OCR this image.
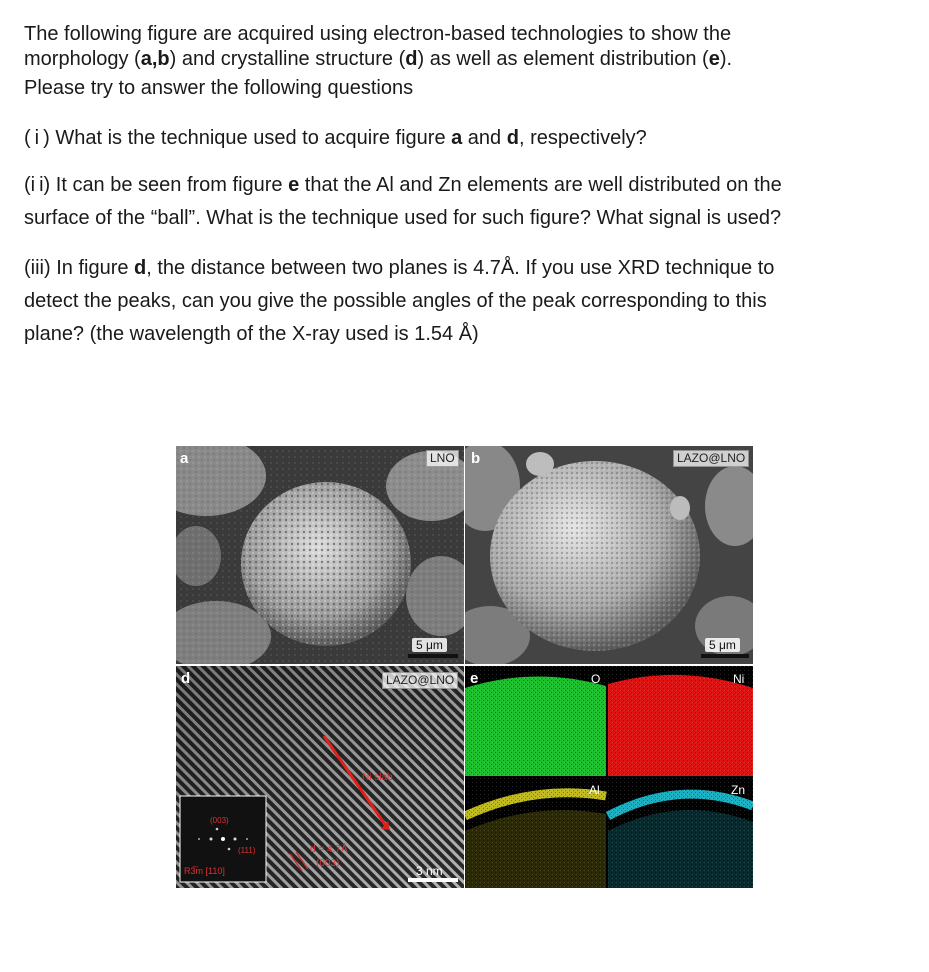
The following figure are acquired using electron-based technologies to show the

morphology (a,b) and crystalline structure (d) as well as element distribution (e).

Please try to answer the following questions

( i ) What is the technique used to acquire figure a and d, respectively?

(i i) It can be seen from figure e that the Al and Zn elements are well distributed on the

surface of the “ball”. What is the technique used for such figure? What signal is used?

(iii) In figure d, the distance between two planes is 4.7Å. If you use XRD technique to

detect the peaks, can you give the possible angles of the peak corresponding to this

plane? (the wavelength of the X-ray used is 1.54 Å)

a	LNO
5 μm
b	LAZO@LNO
5 μm
d	LAZO@LNO
Ni slab
d = 4.7Å
(003)
(003)
(111)
R3̅m [110]	3 nm
e	O	Ni
Al	Zn
